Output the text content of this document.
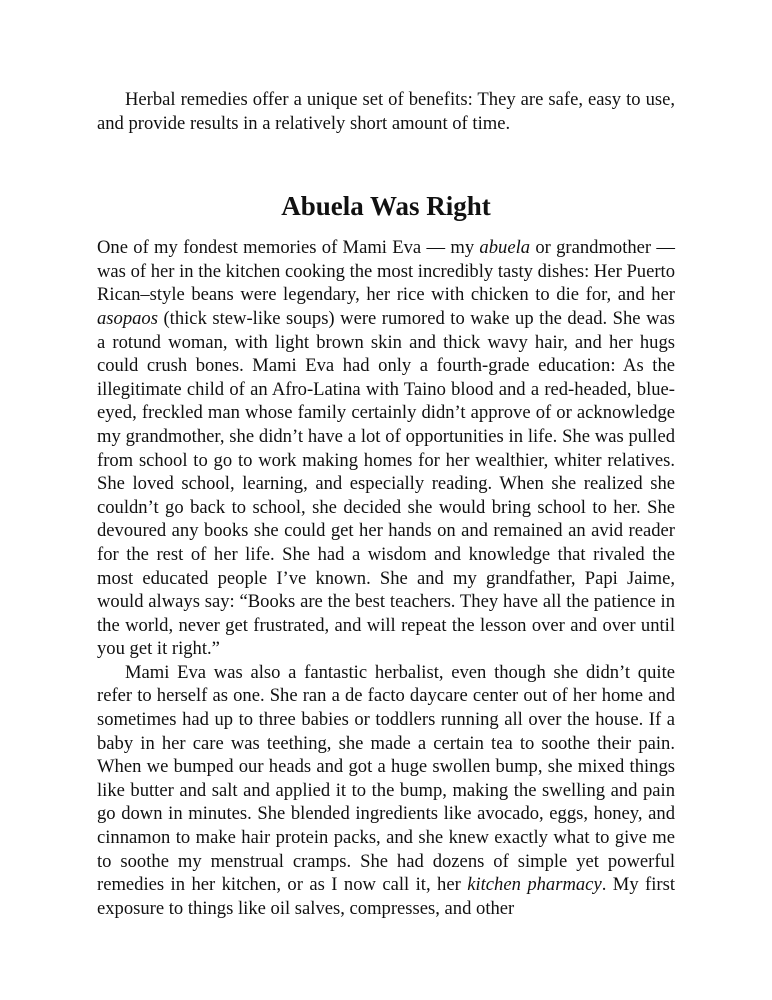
Herbal remedies offer a unique set of benefits: They are safe, easy to use, and provide results in a relatively short amount of time.

Abuela Was Right

One of my fondest memories of Mami Eva — my abuela or grandmother — was of her in the kitchen cooking the most incredibly tasty dishes: Her Puerto Rican–style beans were legendary, her rice with chicken to die for, and her asopaos (thick stew-like soups) were rumored to wake up the dead. She was a rotund woman, with light brown skin and thick wavy hair, and her hugs could crush bones. Mami Eva had only a fourth-grade education: As the illegitimate child of an Afro-Latina with Taino blood and a red-headed, blue-eyed, freckled man whose family certainly didn’t approve of or acknowledge my grandmother, she didn’t have a lot of opportunities in life. She was pulled from school to go to work making homes for her wealthier, whiter relatives. She loved school, learning, and especially reading. When she realized she couldn’t go back to school, she decided she would bring school to her. She devoured any books she could get her hands on and remained an avid reader for the rest of her life. She had a wisdom and knowledge that rivaled the most educated people I’ve known. She and my grandfather, Papi Jaime, would always say: “Books are the best teachers. They have all the patience in the world, never get frustrated, and will repeat the lesson over and over until you get it right.”

Mami Eva was also a fantastic herbalist, even though she didn’t quite refer to herself as one. She ran a de facto daycare center out of her home and sometimes had up to three babies or toddlers running all over the house. If a baby in her care was teething, she made a certain tea to soothe their pain. When we bumped our heads and got a huge swollen bump, she mixed things like butter and salt and applied it to the bump, making the swelling and pain go down in minutes. She blended ingredients like avocado, eggs, honey, and cinnamon to make hair protein packs, and she knew exactly what to give me to soothe my menstrual cramps. She had dozens of simple yet powerful remedies in her kitchen, or as I now call it, her kitchen pharmacy. My first exposure to things like oil salves, compresses, and other
